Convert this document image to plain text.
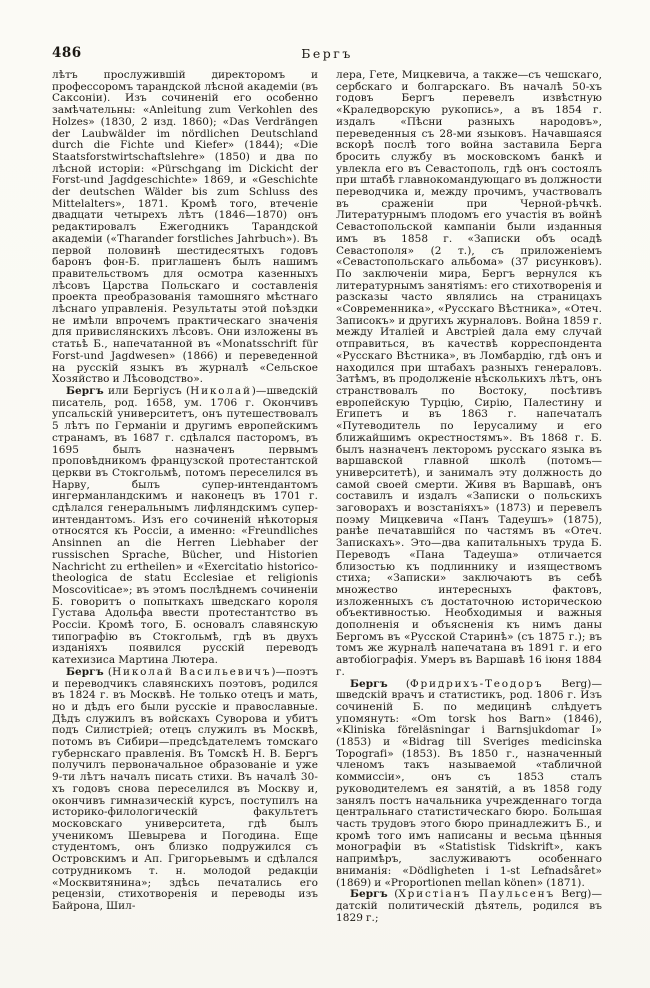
486	Бергъ

лѣтъ прослужившій директоромъ и профессоромъ тарандской лѣсной академіи (въ Саксоніи). Изъ сочиненій его особенно замѣчательны: «Anleitung zum Verkohlen des Holzes» (1830, 2 изд. 1860); «Das Verdrängen der Laubwälder im nördlichen Deutschland durch die Fichte und Kiefer» (1844); «Die Staatsforstwirtschaftslehre» (1850) и два по лѣсной исторіи: «Pürschgang im Dickicht der Forst-und Jagdgeschichte» 1869, и «Geschichte der deutschen Wälder bis zum Schluss des Mittelalters», 1871. Кромѣ того, втеченіе двадцати четырехъ лѣтъ (1846—1870) онъ редактировалъ Ежегодникъ Тарандской академіи («Tharander forstliches Jahrbuch»). Въ первой половинѣ шестидесятыхъ годовъ баронъ фон-Б. приглашенъ былъ нашимъ правительствомъ для осмотра казенныхъ лѣсовъ Царства Польскаго и составленія проекта преобразованія тамошняго мѣстнаго лѣснаго управленія. Результаты этой поѣздки не имѣли впрочемъ практическаго значенія для привислянскихъ лѣсовъ. Они изложены въ статьѣ Б., напечатанной въ «Monatsschrift für Forst-und Jagdwesen» (1866) и переведенной на русскій языкъ въ журналѣ «Сельское Хозяйство и Лѣсоводство».

Бергъ или Бергіусъ (Николай)—шведскій писатель, род. 1658, ум. 1706 г. Окончивъ упсальскій университетъ, онъ путешествовалъ 5 лѣтъ по Германіи и другимъ европейскимъ странамъ, въ 1687 г. сдѣлался пасторомъ, въ 1695 былъ назначенъ первымъ проповѣдникомъ французской протестантской церкви въ Стокгольмѣ, потомъ переселился въ Нарву, былъ супер-интендантомъ ингерманландскимъ и наконецъ въ 1701 г. сдѣлался генеральнымъ лифляндскимъ супер-интендантомъ. Изъ его сочиненій нѣкоторыя относятся къ Россіи, а именно: «Freundliches Ansinnen an die Herren Liebhaber der russischen Sprache, Bücher, und Historien Nachricht zu ertheilen» и «Exercitatio historico-theologica de statu Ecclesiae et religionis Moscoviticae»; въ этомъ послѣднемъ сочиненіи Б. говоритъ о попыткахъ шведскаго короля Густава Адольфа ввести протестантство въ Россіи. Кромѣ того, Б. основалъ славянскую типографію въ Стокгольмѣ, гдѣ въ двухъ изданіяхъ появился русскій переводъ катехизиса Мартина Лютера.

Бергъ (Николай Васильевичъ)—поэтъ и переводчикъ славянскихъ поэтовъ, родился въ 1824 г. въ Москвѣ. Не только отецъ и мать, но и дѣдъ его были русскіе и православные. Дѣдъ служилъ въ войскахъ Суворова и убитъ подъ Силистріей; отецъ служилъ въ Москвѣ, потомъ въ Сибири—предсѣдателемъ томскаго губернскаго правленія. Въ Томскѣ Н. В. Бергъ получилъ первоначальное образованіе и уже 9-ти лѣтъ началъ писать стихи. Въ началѣ 30-хъ годовъ снова переселился въ Москву и, окончивъ гимназическій курсъ, поступилъ на историко-филологическій факультетъ московскаго университета, гдѣ былъ ученикомъ Шевырева и Погодина. Еще студентомъ, онъ близко подружился съ Островскимъ и Ап. Григорьевымъ и сдѣлался сотрудникомъ т. н. молодой редакціи «Москвитянина»; здѣсь печатались его рецензіи, стихотворенія и переводы изъ Байрона, Шил-

лера, Гете, Мицкевича, а также—съ чешскаго, сербскаго и болгарскаго. Въ началѣ 50-хъ годовъ Бергъ перевелъ извѣстную «Краледворскую рукопись», а въ 1854 г. издалъ «Пѣсни разныхъ народовъ», переведенныя съ 28-ми языковъ. Начавшаяся вскорѣ послѣ того война заставила Берга бросить службу въ московскомъ банкѣ и увлекла его въ Севастополь, гдѣ онъ состоялъ при штабѣ главнокомандующаго въ должности переводчика и, между прочимъ, участвовалъ въ сраженіи при Черной-рѣчкѣ. Литературнымъ плодомъ его участія въ войнѣ Севастопольской кампаніи были изданныя имъ въ 1858 г. «Записки объ осадѣ Севастополя» (2 т.), съ приложеніемъ «Севастопольскаго альбома» (37 рисунковъ). По заключеніи мира, Бергъ вернулся къ литературнымъ занятіямъ: его стихотворенія и разсказы часто являлись на страницахъ «Современника», «Русскаго Вѣстника», «Отеч. Записокъ» и другихъ журналовъ. Война 1859 г. между Италіей и Австріей дала ему случай отправиться, въ качествѣ корреспондента «Русскаго Вѣстника», въ Ломбардію, гдѣ онъ и находился при штабахъ разныхъ генераловъ. Затѣмъ, въ продолженіе нѣсколькихъ лѣтъ, онъ странствовалъ по Востоку, посѣтивъ европейскую Турцію, Сирію, Палестину и Египетъ и въ 1863 г. напечаталъ «Путеводитель по Іерусалиму и его ближайшимъ окрестностямъ». Въ 1868 г. Б. былъ назначенъ лекторомъ русскаго языка въ варшавской главной школѣ (потомъ—университетѣ), и занималъ эту должность до самой своей смерти. Живя въ Варшавѣ, онъ составилъ и издалъ «Записки о польскихъ заговорахъ и возстаніяхъ» (1873) и перевелъ поэму Мицкевича «Панъ Тадеушъ» (1875), ранѣе печатавшійся по частямъ въ «Отеч. Запискахъ». Это—два капитальныхъ труда Б. Переводъ «Пана Тадеуша» отличается близостью къ подлиннику и изяществомъ стиха; «Записки» заключаютъ въ себѣ множество интересныхъ фактовъ, изложенныхъ съ достаточною историческою объективностью. Необходимыя и важныя дополненія и объясненія къ нимъ даны Бергомъ въ «Русской Старинѣ» (съ 1875 г.); въ томъ же журналѣ напечатана въ 1891 г. и его автобіографія. Умеръ въ Варшавѣ 16 іюня 1884 г.

Бергъ (Фридрихъ-Теодоръ Berg)—шведскій врачъ и статистикъ, род. 1806 г. Изъ сочиненій Б. по медицинѣ слѣдуетъ упомянуть: «Om torsk hos Barn» (1846), «Kliniska föreläsningar i Barnsjukdomar I» (1853) и «Bidrag till Sveriges medicinska Topografi» (1853). Въ 1850 г., назначенный членомъ такъ называемой «табличной коммиссіи», онъ съ 1853 сталъ руководителемъ ея занятій, а въ 1858 году занялъ постъ начальника учрежденнаго тогда центральнаго статистическаго бюро. Большая часть трудовъ этого бюро принадлежитъ Б., и кромѣ того имъ написаны и весьма цѣнныя монографіи въ «Statistisk Tidskrift», какъ напримѣръ, заслуживаютъ особеннаго вниманія: «Dödligheten i 1-st Lefnadsåret» (1869) и «Proportionen mellan könen» (1871).

Бергъ (Христіанъ Паульсенъ Berg)—датскій политическій дѣятель, родился въ 1829 г.;
